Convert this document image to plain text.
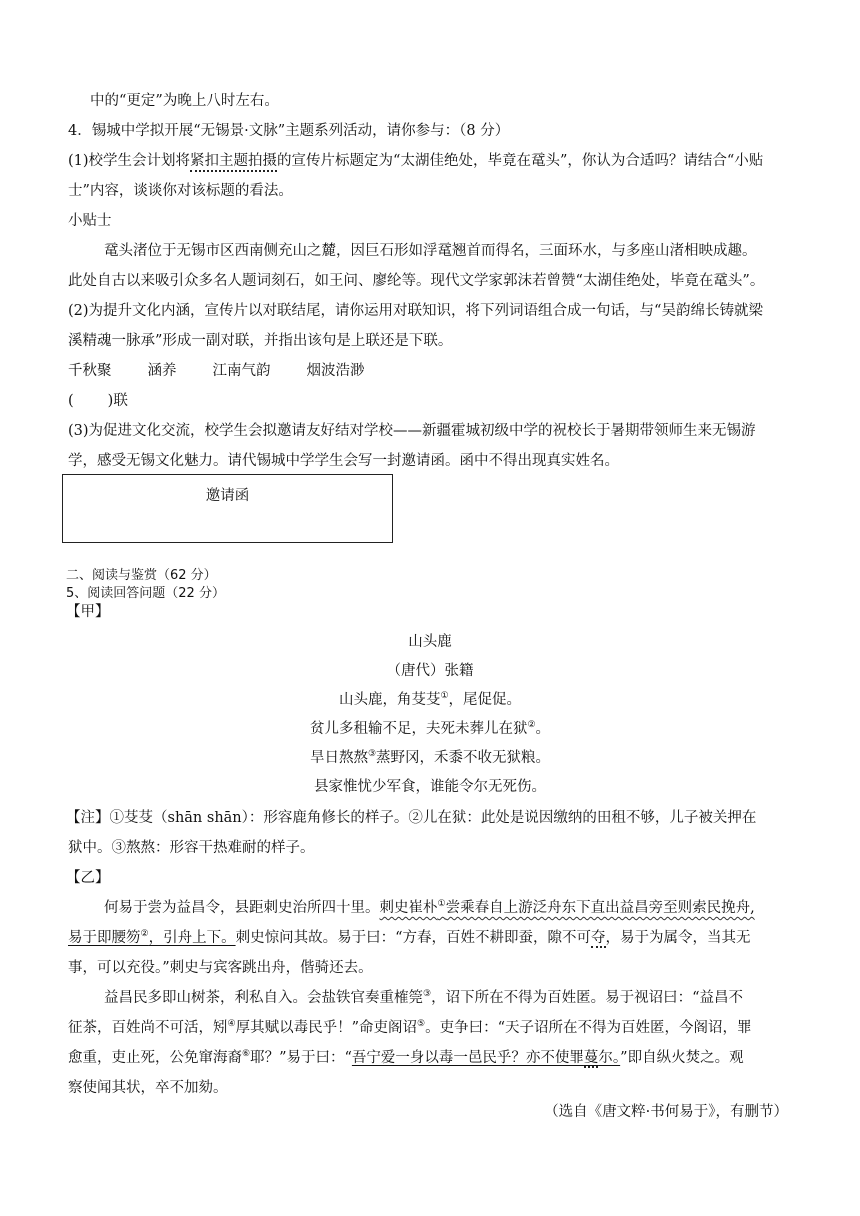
中的“更定”为晚上八时左右。
4．锡城中学拟开展“无锡景·文脉”主题系列活动，请你参与：（8 分）
(1)校学生会计划将紧扣主题拍摄的宣传片标题定为“太湖佳绝处，毕竟在鼋头”，你认为合适吗？请结合“小贴
士”内容，谈谈你对该标题的看法。
小贴士
鼋头渚位于无锡市区西南侧充山之麓，因巨石形如浮鼋翘首而得名，三面环水，与多座山渚相映成趣。
此处自古以来吸引众多名人题词刻石，如王问、廖纶等。现代文学家郭沫若曾赞“太湖佳绝处，毕竟在鼋头”。
(2)为提升文化内涵，宣传片以对联结尾，请你运用对联知识，将下列词语组合成一句话，与“吴韵绵长铸就梁
溪精魂一脉承”形成一副对联，并指出该句是上联还是下联。
千秋聚 涵养 江南气韵 烟波浩渺
( )联
(3)为促进文化交流，校学生会拟邀请友好结对学校——新疆霍城初级中学的祝校长于暑期带领师生来无锡游
学，感受无锡文化魅力。请代锡城中学学生会写一封邀请函。函中不得出现真实姓名。
邀请函
二、阅读与鉴赏（62 分）
5、阅读回答问题（22 分）
【甲】
山头鹿
（唐代）张籍
山头鹿，角芟芟①，尾促促。
贫儿多租输不足，夫死未葬儿在狱②。
旱日熬熬③蒸野冈，禾黍不收无狱粮。
县家惟忧少军食，谁能令尔无死伤。
【注】①芟芟（shān shān）：形容鹿角修长的样子。②儿在狱：此处是说因缴纳的田租不够，儿子被关押在
狱中。③熬熬：形容干热难耐的样子。
【乙】
何易于尝为益昌令，县距刺史治所四十里。刺史崔朴①尝乘春自上游泛舟东下直出益昌旁至则索民挽舟,
易于即腰笏②，引舟上下。刺史惊问其故。易于曰：“方春，百姓不耕即蚕，隙不可夺，易于为属令，当其无
事，可以充役。”刺史与宾客跳出舟，偕骑还去。
益昌民多即山树茶，利私自入。会盐铁官奏重榷筦③，诏下所在不得为百姓匿。易于视诏曰：“益昌不
征茶，百姓尚不可活，矧④厚其赋以毒民乎！”命吏阁诏⑤。吏争曰：“天子诏所在不得为百姓匿，今阁诏，罪
愈重，吏止死，公免窜海裔⑥耶？”易于曰：“吾宁爱一身以毒一邑民乎？亦不使罪蔓尔。”即自纵火焚之。观
察使闻其状，卒不加劾。
（选自《唐文粹·书何易于》，有删节）
